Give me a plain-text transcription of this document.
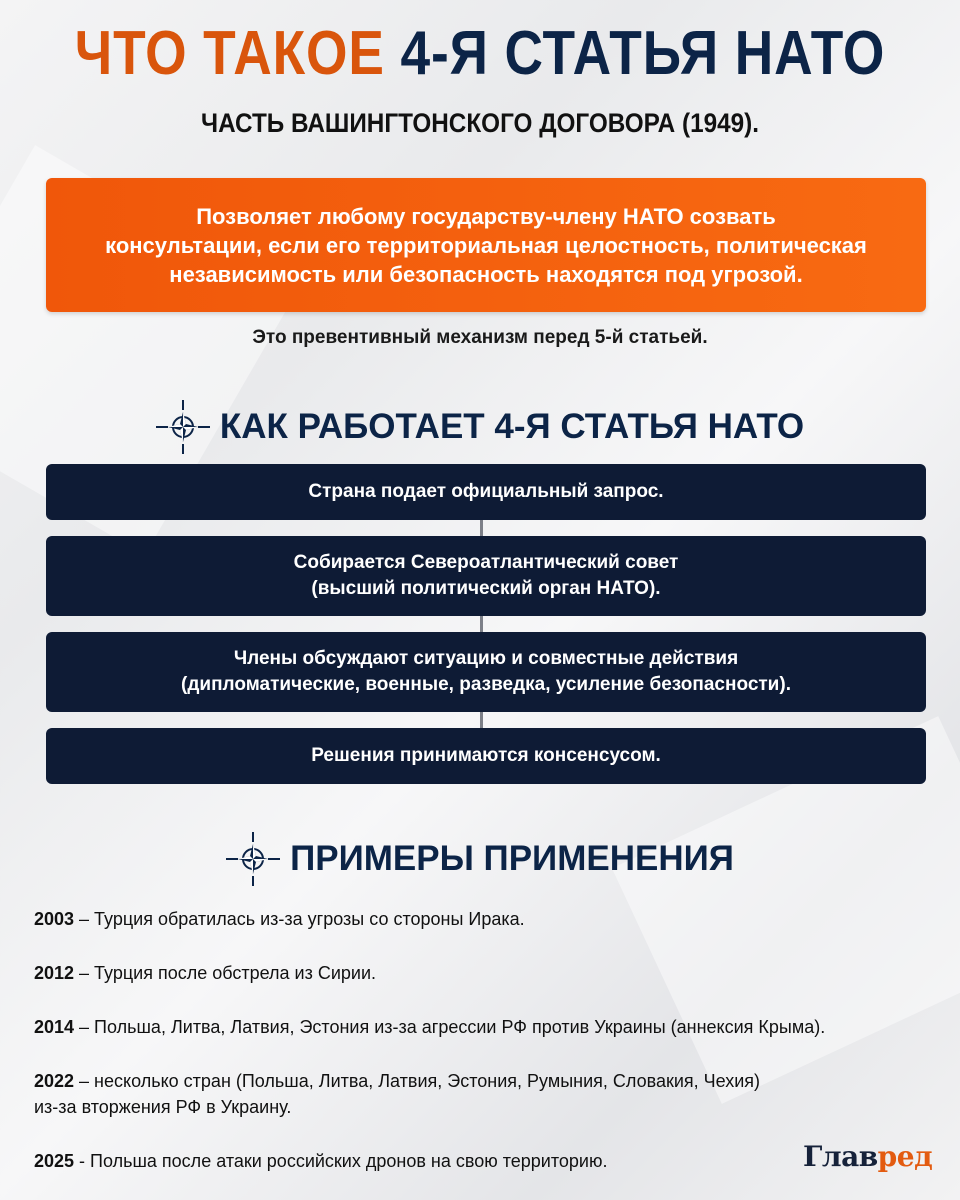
ЧТО ТАКОЕ 4-Я СТАТЬЯ НАТО
ЧАСТЬ ВАШИНГТОНСКОГО ДОГОВОРА (1949).
Позволяет любому государству-члену НАТО созвать
консультации, если его территориальная целостность, политическая
независимость или безопасность находятся под угрозой.
Это превентивный механизм перед 5-й статьей.
КАК РАБОТАЕТ 4-Я СТАТЬЯ НАТО
Страна подает официальный запрос.
Собирается Североатлантический совет
(высший политический орган НАТО).
Члены обсуждают ситуацию и совместные действия
(дипломатические, военные, разведка, усиление безопасности).
Решения принимаются консенсусом.
ПРИМЕРЫ ПРИМЕНЕНИЯ
2003 – Турция обратилась из-за угрозы со стороны Ирака.
2012 – Турция после обстрела из Сирии.
2014 – Польша, Литва, Латвия, Эстония из-за агрессии РФ против Украины (аннексия Крыма).
2022 – несколько стран (Польша, Литва, Латвия, Эстония, Румыния, Словакия, Чехия)
из-за вторжения РФ в Украину.
2025 - Польша после атаки российских дронов на свою территорию.	Главред
